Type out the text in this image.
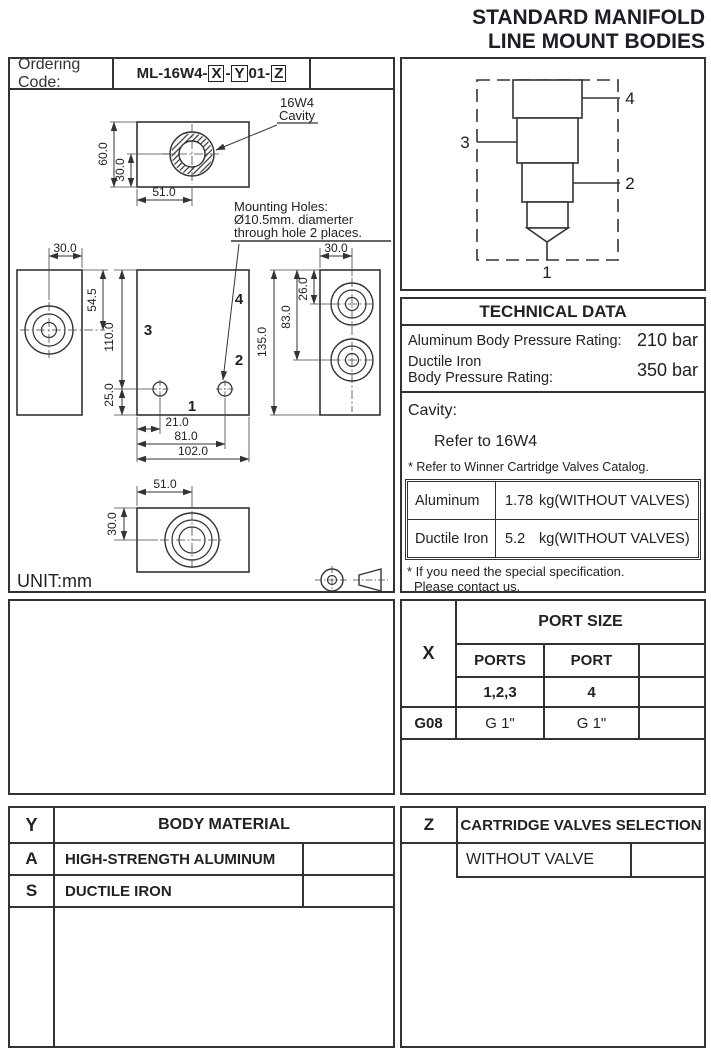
STANDARD MANIFOLD
LINE MOUNT BODIES
Ordering Code:	ML-16W4- X - Y 01- Z
60.0
30.0
51.0
16W4
Cavity
Mounting Holes:
Ø10.5mm. diamerter
through hole 2 places.
30.0
54.5
3
4
2
1
110.0
25.0
21.0
81.0
102.0
30.0
26.0
83.0
135.0
51.0
30.0
UNIT:mm
4
3
2
1
TECHNICAL DATA
Aluminum Body Pressure Rating: 210 bar
Ductile Iron
Body Pressure Rating:	350 bar
Cavity:
Refer to 16W4
* Refer to Winner Cartridge Valves Catalog.
Aluminum	1.78 kg(WITHOUT VALVES)
Ductile Iron	5.2 kg(WITHOUT VALVES)
* If you need the special specification.
Please contact us.
X
PORT SIZE
PORTS	PORT
1,2,3	4
G08	G 1"	G 1"
Y	BODY MATERIAL
A	HIGH-STRENGTH ALUMINUM
S	DUCTILE IRON
Z	CARTRIDGE VALVES SELECTION
WITHOUT VALVE
